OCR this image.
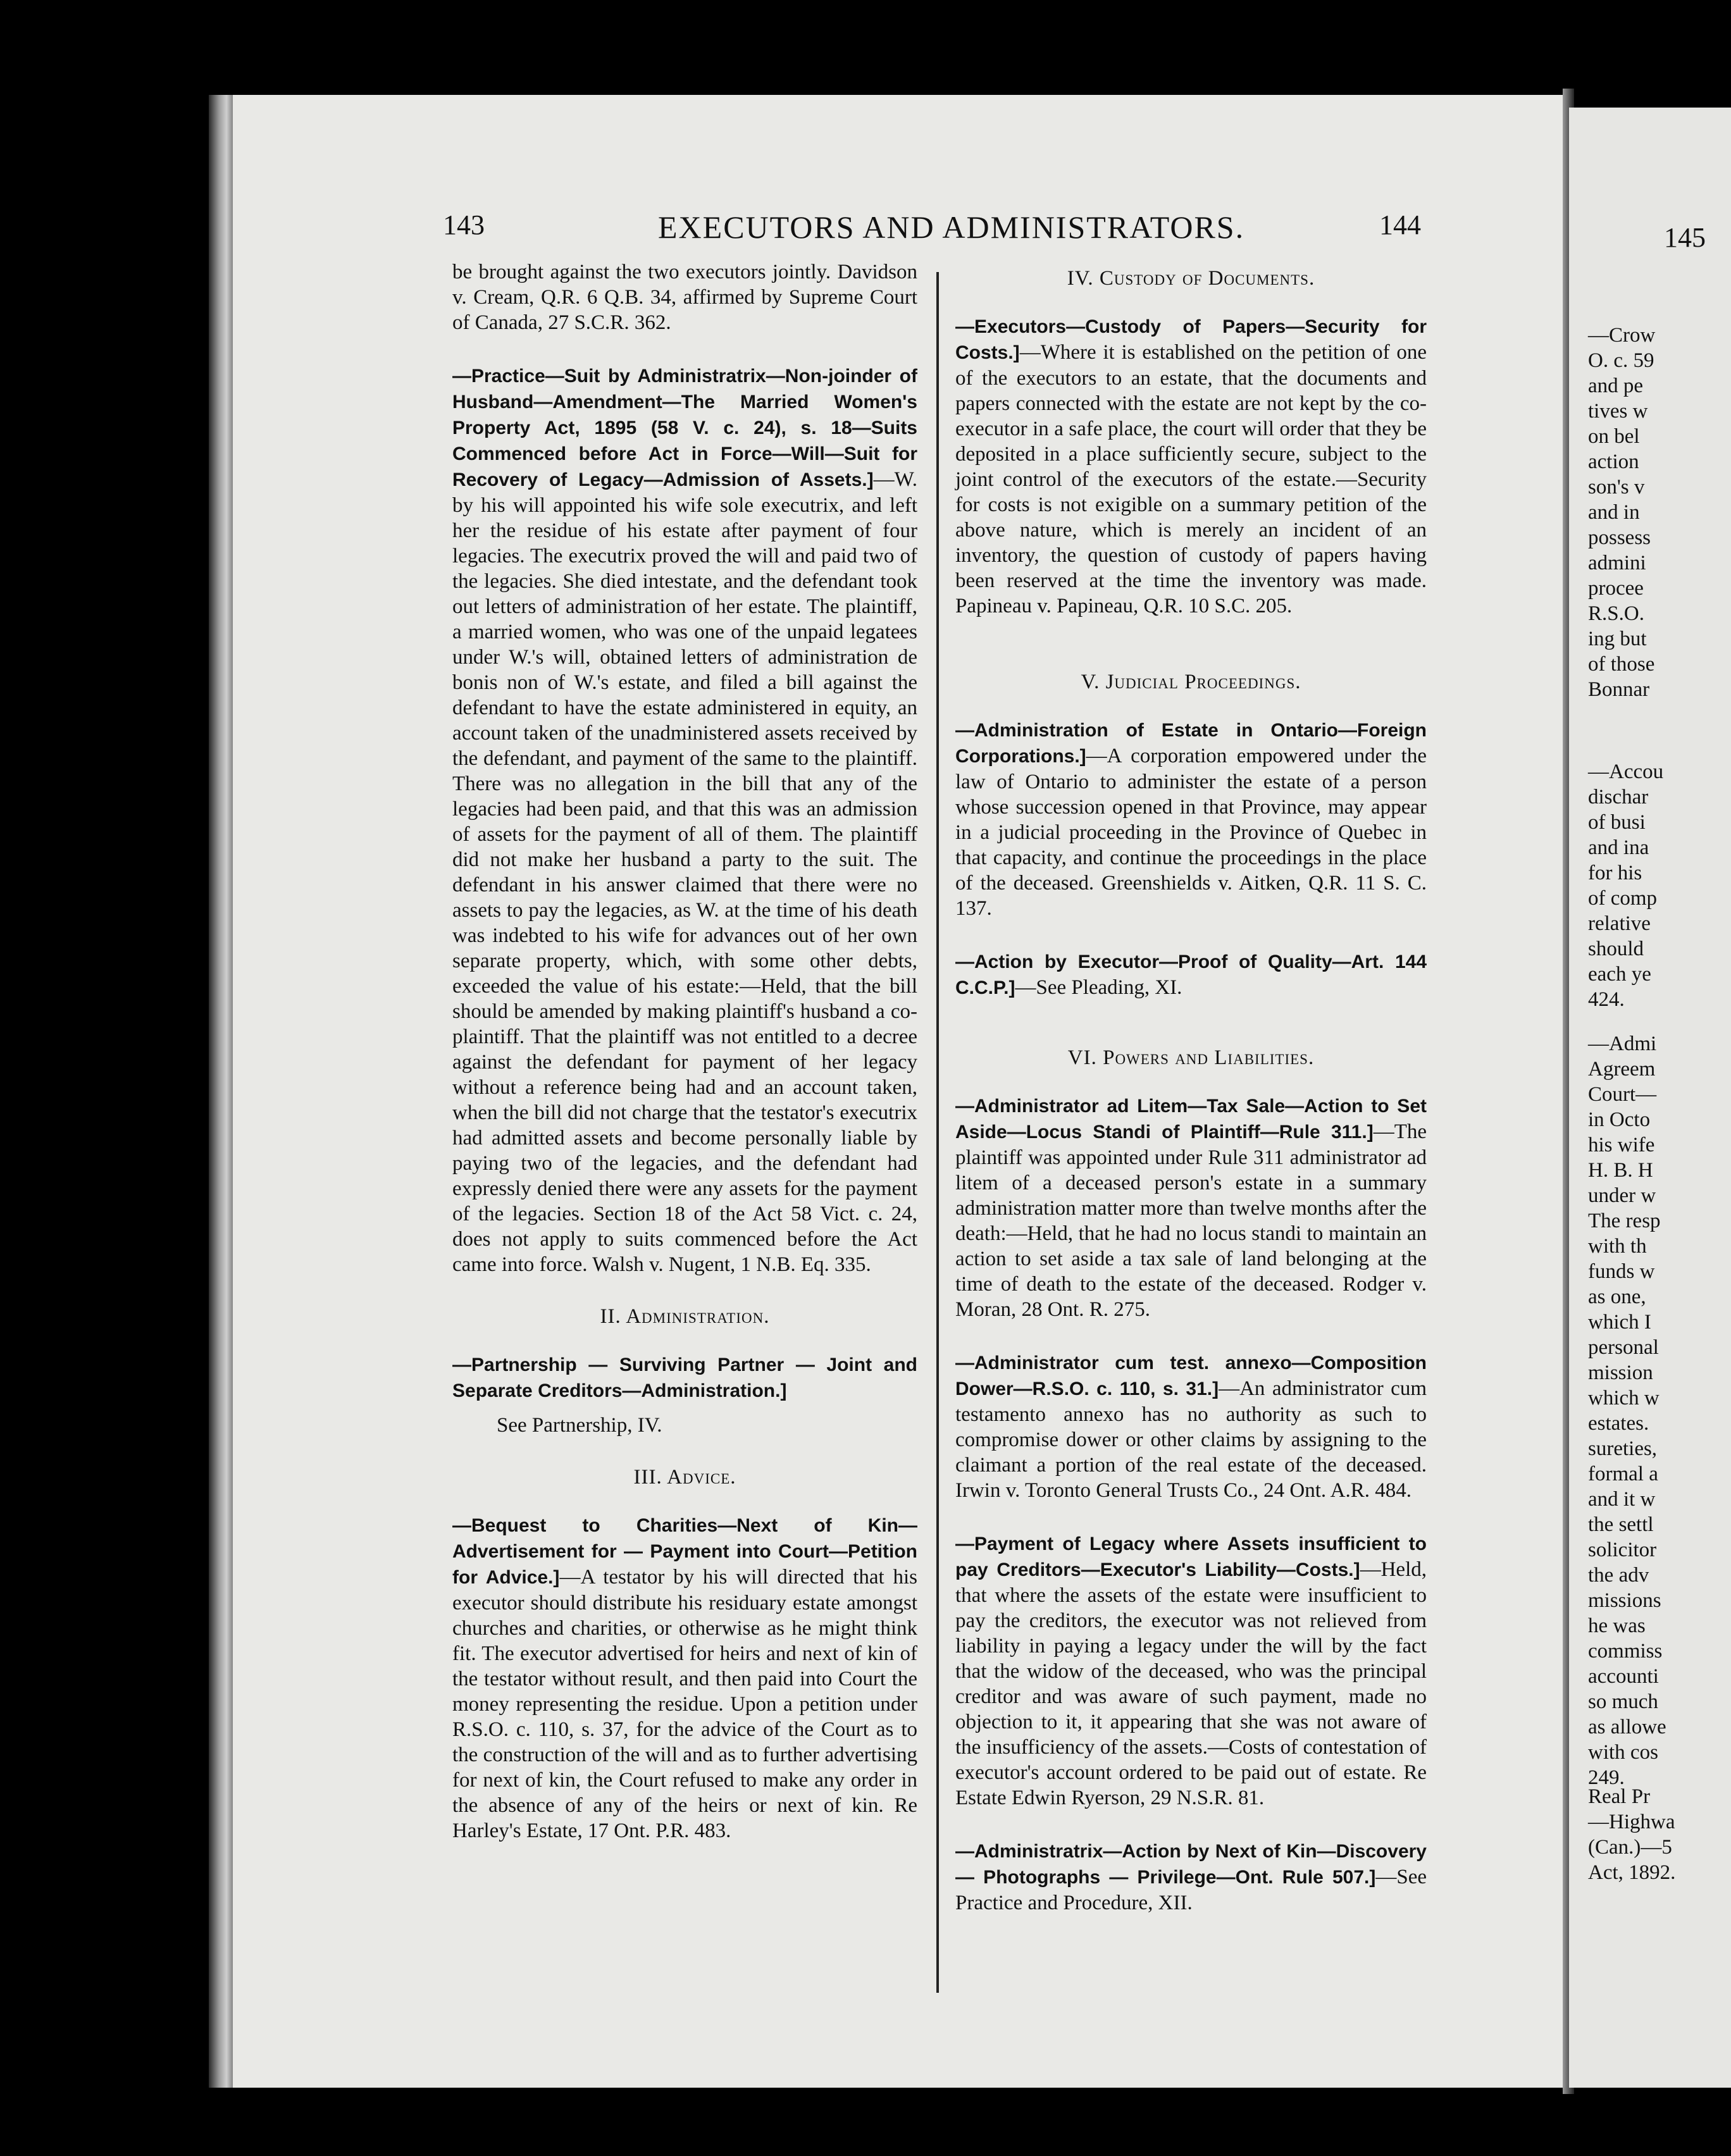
143	EXECUTORS AND ADMINISTRATORS.	144

be brought against the two executors jointly. Davidson v. Cream, Q.R. 6 Q.B. 34, affirmed by Supreme Court of Canada, 27 S.C.R. 362.

—Practice—Suit by Administratrix—Non-joinder of Husband—Amendment—The Married Women's Property Act, 1895 (58 V. c. 24), s. 18—Suits Commenced before Act in Force—Will—Suit for Recovery of Legacy—Admission of Assets.]—W. by his will appointed his wife sole executrix, and left her the residue of his estate after payment of four legacies. The executrix proved the will and paid two of the legacies. She died intestate, and the defendant took out letters of administration of her estate. The plaintiff, a married women, who was one of the unpaid legatees under W.'s will, obtained letters of administration de bonis non of W.'s estate, and filed a bill against the defendant to have the estate administered in equity, an account taken of the unadministered assets received by the defendant, and payment of the same to the plaintiff. There was no allegation in the bill that any of the legacies had been paid, and that this was an admission of assets for the payment of all of them. The plaintiff did not make her husband a party to the suit. The defendant in his answer claimed that there were no assets to pay the legacies, as W. at the time of his death was indebted to his wife for advances out of her own separate property, which, with some other debts, exceeded the value of his estate:—Held, that the bill should be amended by making plaintiff's husband a co-plaintiff. That the plaintiff was not entitled to a decree against the defendant for payment of her legacy without a reference being had and an account taken, when the bill did not charge that the testator's executrix had admitted assets and become personally liable by paying two of the legacies, and the defendant had expressly denied there were any assets for the payment of the legacies. Section 18 of the Act 58 Vict. c. 24, does not apply to suits commenced before the Act came into force. Walsh v. Nugent, 1 N.B. Eq. 335.

II. Administration.

—Partnership — Surviving Partner — Joint and Separate Creditors—Administration.]

See Partnership, IV.

III. Advice.

—Bequest to Charities—Next of Kin—Advertisement for — Payment into Court—Petition for Advice.]—A testator by his will directed that his executor should distribute his residuary estate amongst churches and charities, or otherwise as he might think fit. The executor advertised for heirs and next of kin of the testator without result, and then paid into Court the money representing the residue. Upon a petition under R.S.O. c. 110, s. 37, for the advice of the Court as to the construction of the will and as to further advertising for next of kin, the Court refused to make any order in the absence of any of the heirs or next of kin. Re Harley's Estate, 17 Ont. P.R. 483.

IV. Custody of Documents.

—Executors—Custody of Papers—Security for Costs.]—Where it is established on the petition of one of the executors to an estate, that the documents and papers connected with the estate are not kept by the co-executor in a safe place, the court will order that they be deposited in a place sufficiently secure, subject to the joint control of the executors of the estate.—Security for costs is not exigible on a summary petition of the above nature, which is merely an incident of an inventory, the question of custody of papers having been reserved at the time the inventory was made. Papineau v. Papineau, Q.R. 10 S.C. 205.

V. Judicial Proceedings.

—Administration of Estate in Ontario—Foreign Corporations.]—A corporation empowered under the law of Ontario to administer the estate of a person whose succession opened in that Province, may appear in a judicial proceeding in the Province of Quebec in that capacity, and continue the proceedings in the place of the deceased. Greenshields v. Aitken, Q.R. 11 S. C. 137.

—Action by Executor—Proof of Quality—Art. 144 C.C.P.]—See Pleading, XI.

VI. Powers and Liabilities.

—Administrator ad Litem—Tax Sale—Action to Set Aside—Locus Standi of Plaintiff—Rule 311.]—The plaintiff was appointed under Rule 311 administrator ad litem of a deceased person's estate in a summary administration matter more than twelve months after the death:—Held, that he had no locus standi to maintain an action to set aside a tax sale of land belonging at the time of death to the estate of the deceased. Rodger v. Moran, 28 Ont. R. 275.

—Administrator cum test. annexo—Composition Dower—R.S.O. c. 110, s. 31.]—An administrator cum testamento annexo has no authority as such to compromise dower or other claims by assigning to the claimant a portion of the real estate of the deceased. Irwin v. Toronto General Trusts Co., 24 Ont. A.R. 484.

—Payment of Legacy where Assets insufficient to pay Creditors—Executor's Liability—Costs.]—Held, that where the assets of the estate were insufficient to pay the creditors, the executor was not relieved from liability in paying a legacy under the will by the fact that the widow of the deceased, who was the principal creditor and was aware of such payment, made no objection to it, it appearing that she was not aware of the insufficiency of the assets.—Costs of contestation of executor's account ordered to be paid out of estate. Re Estate Edwin Ryerson, 29 N.S.R. 81.

—Administratrix—Action by Next of Kin—Discovery — Photographs — Privilege—Ont. Rule 507.]—See Practice and Procedure, XII.

145
—Crow
O. c. 59
and pe
tives w
on bel
action
son's v
and in
possess
admini
procee
R.S.O.
ing but
of those
Bonnar
—Accou
dischar
of busi
and ina
for his
of comp
relative
should
each ye
424.
—Admi
Agreem
Court—
in Octo
his wife
H. B. H
under w
The resp
with th
funds w
as one,
which I
personal
mission
which w
estates.
sureties,
formal a
and it w
the settl
solicitor
the adv
missions
he was
commiss
accounti
so much
as allowe
with cos
249.
Real Pr
—Highwa
(Can.)—5
Act, 1892.
